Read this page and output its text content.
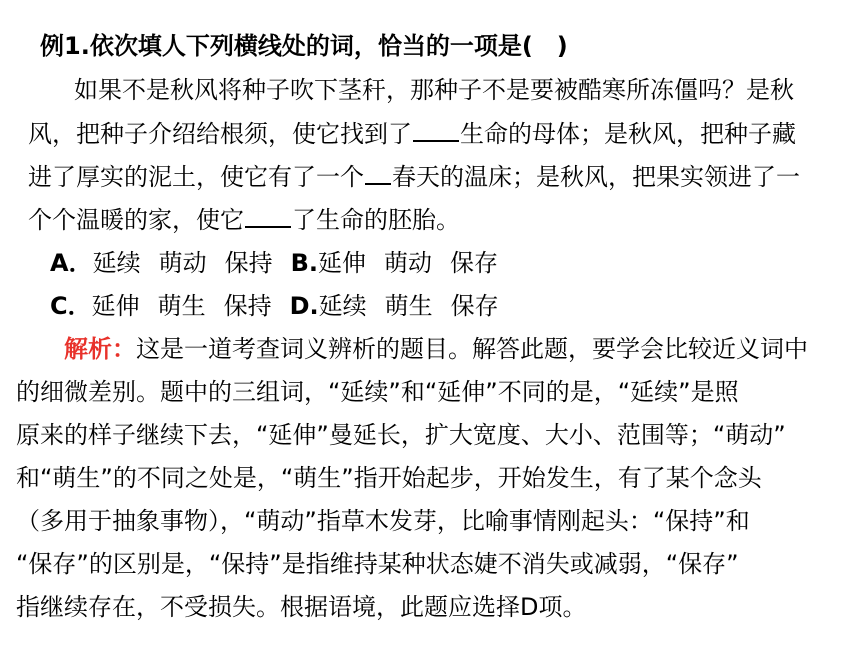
例1.依次填人下列横线处的词，恰当的一项是(　)
如果不是秋风将种子吹下茎秆，那种子不是要被酷寒所冻僵吗？是秋
风，把种子介绍给根须，使它找到了 生命的母体；是秋风，把种子藏
进了厚实的泥土，使它有了一个 春天的温床；是秋风，把果实领进了一
个个温暖的家，使它 了生命的胚胎。
A．延续 萌动 保持 B.延伸 萌动 保存
C．延伸 萌生 保持 D.延续 萌生 保存
解析：这是一道考查词义辨析的题目。解答此题，要学会比较近义词中
的细微差别。题中的三组词，“延续”和“延伸”不同的是，“延续”是照
原来的样子继续下去，“延伸”曼延长，扩大宽度、大小、范围等；“萌动”
和“萌生”的不同之处是，“萌生”指开始起步，开始发生，有了某个念头
（多用于抽象事物），“萌动”指草木发芽，比喻事情刚起头：“保持”和
“保存”的区别是，“保持”是指维持某种状态婕不消失或减弱，“保存”
指继续存在，不受损失。根据语境，此题应选择D项。
